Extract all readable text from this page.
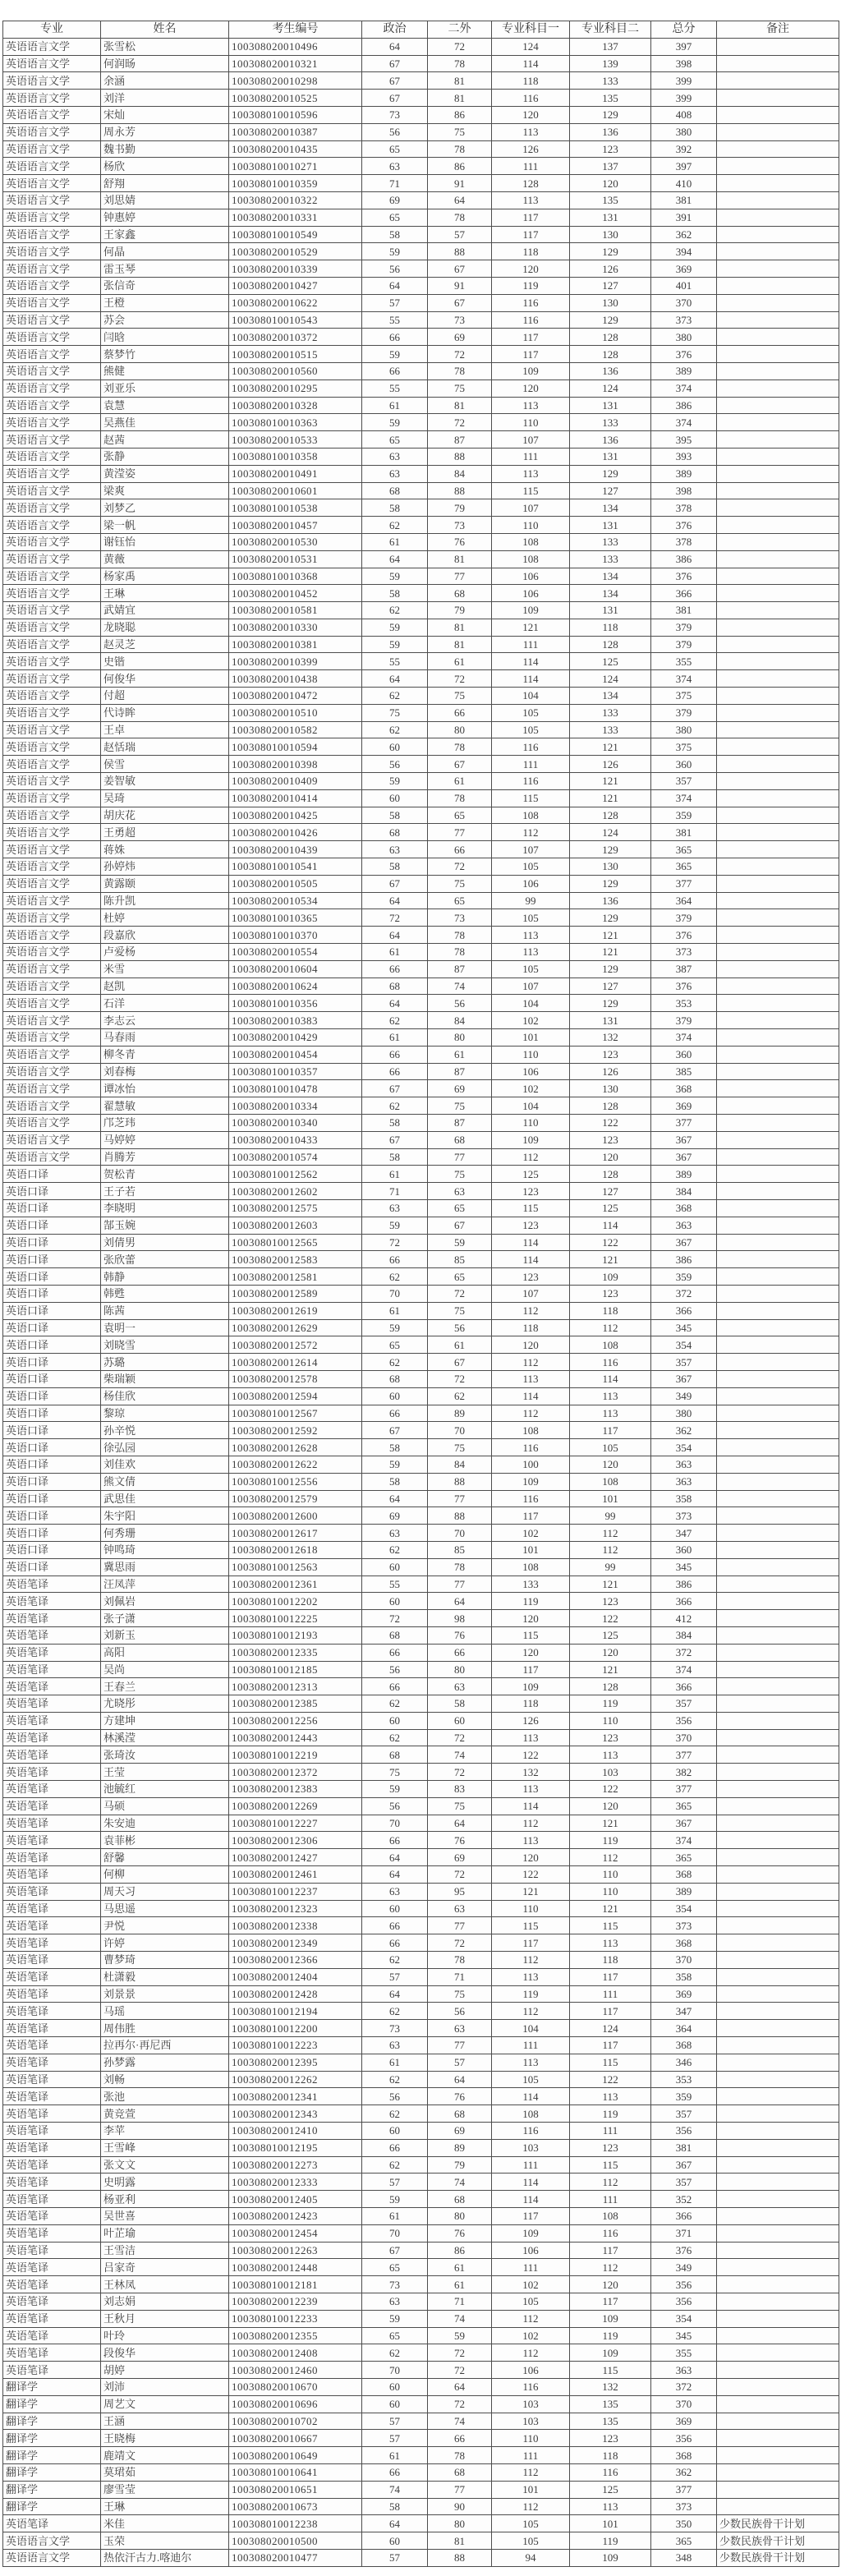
专业	姓名	考生编号	政治	二外	专业科目一	专业科目二	总分	备注
英语语言文学	张雪松	100308020010496	64	72	124	137	397	
英语语言文学	何润旸	100308020010321	67	78	114	139	398	
英语语言文学	余涵	100308020010298	67	81	118	133	399	
英语语言文学	刘洋	100308020010525	67	81	116	135	399	
英语语言文学	宋灿	100308010010596	73	86	120	129	408	
英语语言文学	周永芳	100308020010387	56	75	113	136	380	
英语语言文学	魏书勤	100308020010435	65	78	126	123	392	
英语语言文学	杨欣	100308010010271	63	86	111	137	397	
英语语言文学	舒翔	100308010010359	71	91	128	120	410	
英语语言文学	刘思婧	100308020010322	69	64	113	135	381	
英语语言文学	钟惠婷	100308020010331	65	78	117	131	391	
英语语言文学	王家鑫	100308010010549	58	57	117	130	362	
英语语言文学	何晶	100308020010529	59	88	118	129	394	
英语语言文学	雷玉琴	100308020010339	56	67	120	126	369	
英语语言文学	张信奇	100308020010427	64	91	119	127	401	
英语语言文学	王橙	100308020010622	57	67	116	130	370	
英语语言文学	苏会	100308010010543	55	73	116	129	373	
英语语言文学	闫晗	100308020010372	66	69	117	128	380	
英语语言文学	蔡梦竹	100308020010515	59	72	117	128	376	
英语语言文学	熊健	100308020010560	66	78	109	136	389	
英语语言文学	刘亚乐	100308020010295	55	75	120	124	374	
英语语言文学	袁慧	100308020010328	61	81	113	131	386	
英语语言文学	吴燕佳	100308010010363	59	72	110	133	374	
英语语言文学	赵茜	100308020010533	65	87	107	136	395	
英语语言文学	张静	100308010010358	63	88	111	131	393	
英语语言文学	黄滢姿	100308020010491	63	84	113	129	389	
英语语言文学	梁爽	100308020010601	68	88	115	127	398	
英语语言文学	刘梦乙	100308010010538	58	79	107	134	378	
英语语言文学	梁一帆	100308020010457	62	73	110	131	376	
英语语言文学	谢钰怡	100308020010530	61	76	108	133	378	
英语语言文学	黄薇	100308020010531	64	81	108	133	386	
英语语言文学	杨家禹	100308010010368	59	77	106	134	376	
英语语言文学	王琳	100308020010452	58	68	106	134	366	
英语语言文学	武婧宜	100308020010581	62	79	109	131	381	
英语语言文学	龙晓聪	100308020010330	59	81	121	118	379	
英语语言文学	赵灵芝	100308020010381	59	81	111	128	379	
英语语言文学	史锴	100308020010399	55	61	114	125	355	
英语语言文学	何俊华	100308020010438	64	72	114	124	374	
英语语言文学	付超	100308020010472	62	75	104	134	375	
英语语言文学	代诗眸	100308020010510	75	66	105	133	379	
英语语言文学	王卓	100308020010582	62	80	105	133	380	
英语语言文学	赵恬瑞	100308010010594	60	78	116	121	375	
英语语言文学	侯雪	100308020010398	56	67	111	126	360	
英语语言文学	姜智敏	100308020010409	59	61	116	121	357	
英语语言文学	吴琦	100308020010414	60	78	115	121	374	
英语语言文学	胡庆花	100308020010425	58	65	108	128	359	
英语语言文学	王勇超	100308020010426	68	77	112	124	381	
英语语言文学	蒋姝	100308020010439	63	66	107	129	365	
英语语言文学	孙婷炜	100308010010541	58	72	105	130	365	
英语语言文学	黄露颐	100308020010505	67	75	106	129	377	
英语语言文学	陈升凯	100308020010534	64	65	99	136	364	
英语语言文学	杜婷	100308010010365	72	73	105	129	379	
英语语言文学	段嘉欣	100308010010370	64	78	113	121	376	
英语语言文学	卢爱杨	100308020010554	61	78	113	121	373	
英语语言文学	米雪	100308020010604	66	87	105	129	387	
英语语言文学	赵凯	100308020010624	68	74	107	127	376	
英语语言文学	石洋	100308010010356	64	56	104	129	353	
英语语言文学	李志云	100308020010383	62	84	102	131	379	
英语语言文学	马春雨	100308020010429	61	80	101	132	374	
英语语言文学	柳冬青	100308020010454	66	61	110	123	360	
英语语言文学	刘春梅	100308010010357	66	87	106	126	385	
英语语言文学	谭冰怡	100308010010478	67	69	102	130	368	
英语语言文学	翟慧敏	100308020010334	62	75	104	128	369	
英语语言文学	邝芝玮	100308020010340	58	87	110	122	377	
英语语言文学	马婷婷	100308020010433	67	68	109	123	367	
英语语言文学	肖腾芳	100308020010574	58	77	112	120	367	
英语口译	贺松青	100308010012562	61	75	125	128	389	
英语口译	王子若	100308020012602	71	63	123	127	384	
英语口译	李晓明	100308020012575	63	65	115	125	368	
英语口译	郜玉婉	100308020012603	59	67	123	114	363	
英语口译	刘倩男	100308010012565	72	59	114	122	367	
英语口译	张欣蕾	100308020012583	66	85	114	121	386	
英语口译	韩静	100308020012581	62	65	123	109	359	
英语口译	韩甦	100308020012589	70	72	107	123	372	
英语口译	陈茜	100308020012619	61	75	112	118	366	
英语口译	袁明一	100308020012629	59	56	118	112	345	
英语口译	刘晓雪	100308020012572	65	61	120	108	354	
英语口译	苏璐	100308020012614	62	67	112	116	357	
英语口译	柴瑞颖	100308020012578	68	72	113	114	367	
英语口译	杨佳欣	100308020012594	60	62	114	113	349	
英语口译	黎琼	100308010012567	66	89	112	113	380	
英语口译	孙辛悦	100308020012592	67	70	108	117	362	
英语口译	徐弘园	100308020012628	58	75	116	105	354	
英语口译	刘佳欢	100308020012622	59	84	100	120	363	
英语口译	熊文倩	100308010012556	58	88	109	108	363	
英语口译	武思佳	100308020012579	64	77	116	101	358	
英语口译	朱宇阳	100308020012600	69	88	117	99	373	
英语口译	何秀珊	100308020012617	63	70	102	112	347	
英语口译	钟鸣琦	100308020012618	62	85	101	112	360	
英语口译	冀思雨	100308010012563	60	78	108	99	345	
英语笔译	汪凤萍	100308020012361	55	77	133	121	386	
英语笔译	刘佩岩	100308010012202	60	64	119	123	366	
英语笔译	张子潇	100308010012225	72	98	120	122	412	
英语笔译	刘新玉	100308010012193	68	76	115	125	384	
英语笔译	高阳	100308020012335	66	66	120	120	372	
英语笔译	吴尚	100308010012185	56	80	117	121	374	
英语笔译	王春兰	100308020012313	66	63	109	128	366	
英语笔译	尤晓彤	100308020012385	62	58	118	119	357	
英语笔译	方建坤	100308020012256	60	60	126	110	356	
英语笔译	林溪滢	100308020012443	62	72	113	123	370	
英语笔译	张琦汝	100308010012219	68	74	122	113	377	
英语笔译	王莹	100308020012372	75	72	132	103	382	
英语笔译	池毓红	100308020012383	59	83	113	122	377	
英语笔译	马硕	100308020012269	56	75	114	120	365	
英语笔译	朱安迪	100308010012227	70	64	112	121	367	
英语笔译	袁菲彬	100308020012306	66	76	113	119	374	
英语笔译	舒馨	100308020012427	64	69	120	112	365	
英语笔译	何柳	100308020012461	64	72	122	110	368	
英语笔译	周天习	100308010012237	63	95	121	110	389	
英语笔译	马思遥	100308020012323	60	63	110	121	354	
英语笔译	尹悦	100308020012338	66	77	115	115	373	
英语笔译	许婷	100308020012349	66	72	117	113	368	
英语笔译	曹梦琦	100308020012366	62	78	112	118	370	
英语笔译	杜潇毅	100308020012404	57	71	113	117	358	
英语笔译	刘景景	100308020012428	64	75	119	111	369	
英语笔译	马瑶	100308010012194	62	56	112	117	347	
英语笔译	周伟胜	100308010012200	73	63	104	124	364	
英语笔译	拉再尔·再尼西	100308010012223	63	77	111	117	368	
英语笔译	孙梦露	100308020012395	61	57	113	115	346	
英语笔译	刘畅	100308020012262	62	64	105	122	353	
英语笔译	张池	100308020012341	56	76	114	113	359	
英语笔译	黄竞萱	100308020012343	62	68	108	119	357	
英语笔译	李苹	100308020012410	60	69	116	111	356	
英语笔译	王雪峰	100308010012195	66	89	103	123	381	
英语笔译	张文文	100308020012273	62	79	111	115	367	
英语笔译	史明露	100308020012333	57	74	114	112	357	
英语笔译	杨亚利	100308020012405	59	68	114	111	352	
英语笔译	吴世喜	100308020012423	61	80	117	108	366	
英语笔译	叶芷瑜	100308020012454	70	76	109	116	371	
英语笔译	王雪洁	100308020012263	67	86	106	117	376	
英语笔译	吕家奇	100308020012448	65	61	111	112	349	
英语笔译	王林凤	100308010012181	73	61	102	120	356	
英语笔译	刘志娟	100308020012239	63	71	105	117	356	
英语笔译	王秋月	100308010012233	59	74	112	109	354	
英语笔译	叶玲	100308020012355	65	59	102	119	345	
英语笔译	段俊华	100308020012408	62	72	112	109	355	
英语笔译	胡婷	100308020012460	70	72	106	115	363	
翻译学	刘沛	100308020010670	60	64	116	132	372	
翻译学	周艺文	100308020010696	60	72	103	135	370	
翻译学	王涵	100308020010702	57	74	103	135	369	
翻译学	王晓梅	100308020010667	57	66	110	123	356	
翻译学	鹿靖文	100308020010649	61	78	111	118	368	
翻译学	莫珺茹	100308010010641	66	68	112	116	362	
翻译学	廖雪莹	100308020010651	74	77	101	125	377	
翻译学	王琳	100308020010673	58	90	112	113	373	
英语笔译	米佳	100308010012238	64	80	105	101	350	少数民族骨干计划
英语语言文学	玉荣	100308020010500	60	81	105	119	365	少数民族骨干计划
英语语言文学	热依汗古力.喀迪尔	100308020010477	57	88	94	109	348	少数民族骨干计划
